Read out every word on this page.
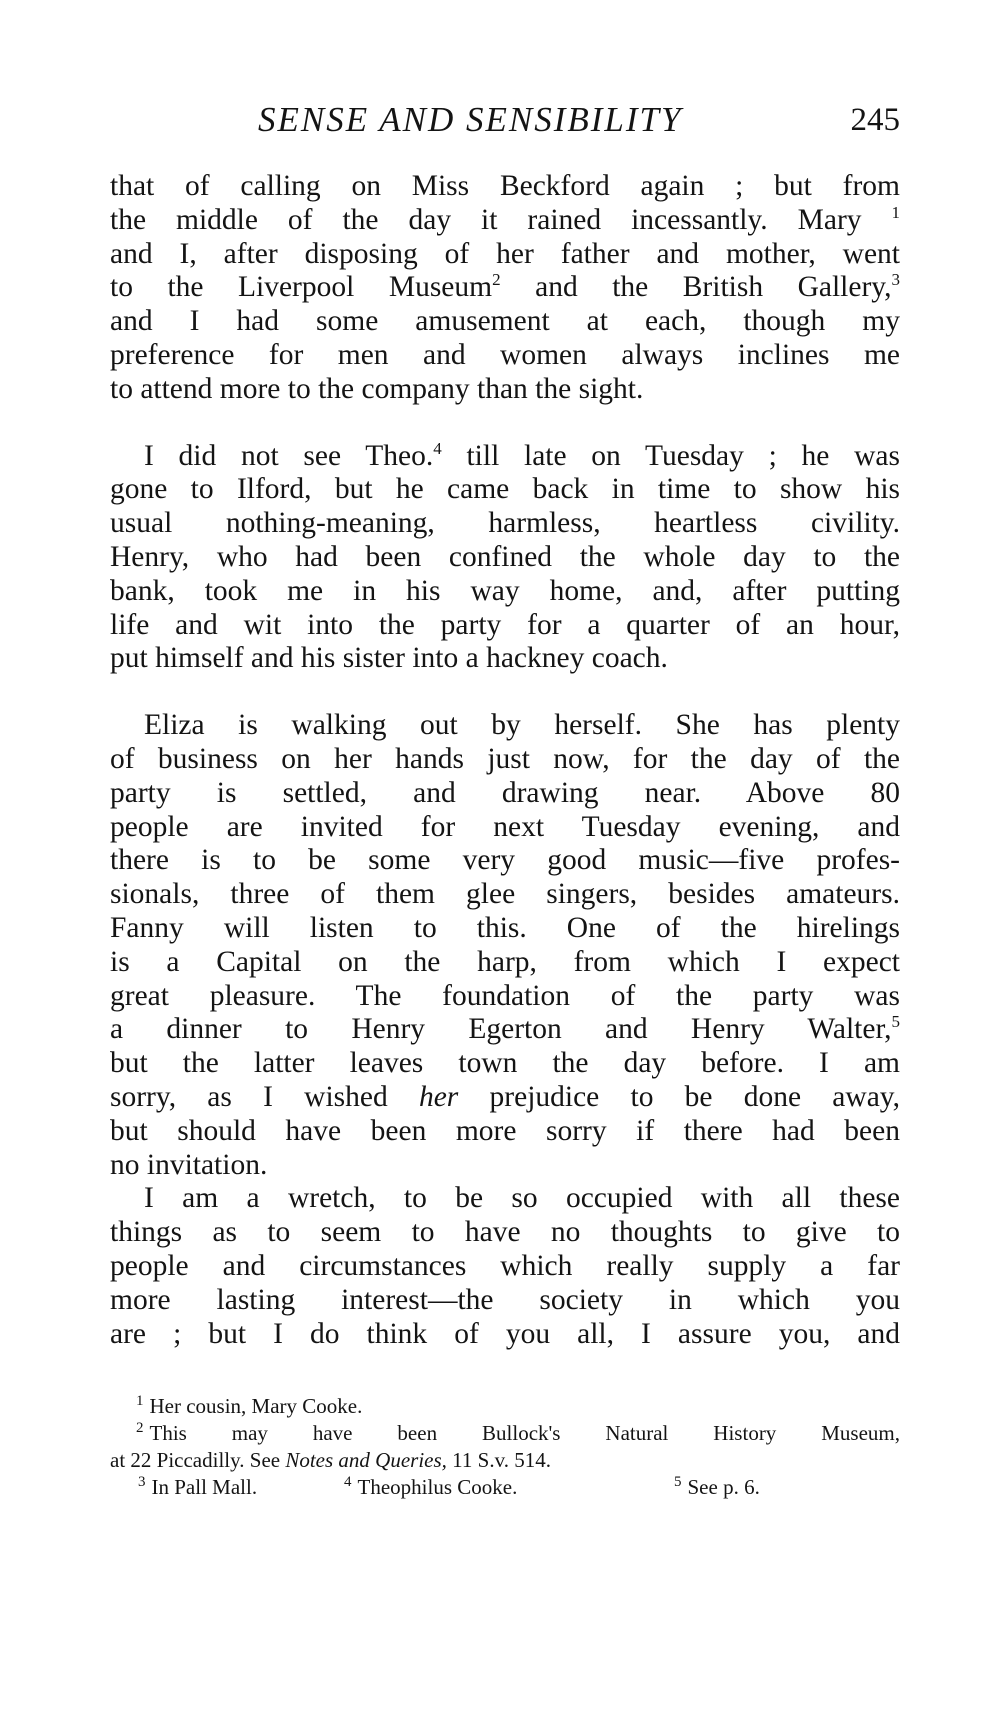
SENSE AND SENSIBILITY	245
that of calling on Miss Beckford again ; but from
the middle of the day it rained incessantly. Mary $^1$
and I, after disposing of her father and mother, went
to the Liverpool Museum$^2$ and the British Gallery,$^3$
and I had some amusement at each, though my
preference for men and women always inclines me
to attend more to the company than the sight.
I did not see Theo.$^4$ till late on Tuesday ; he was
gone to Ilford, but he came back in time to show his
usual nothing-meaning, harmless, heartless civility.
Henry, who had been confined the whole day to the
bank, took me in his way home, and, after putting
life and wit into the party for a quarter of an hour,
put himself and his sister into a hackney coach.
Eliza is walking out by herself. She has plenty
of business on her hands just now, for the day of the
party is settled, and drawing near. Above 80
people are invited for next Tuesday evening, and
there is to be some very good music—five profes-
sionals, three of them glee singers, besides amateurs.
Fanny will listen to this. One of the hirelings
is a Capital on the harp, from which I expect
great pleasure. The foundation of the party was
a dinner to Henry Egerton and Henry Walter,$^5$
but the latter leaves town the day before. I am
sorry, as I wished her prejudice to be done away,
but should have been more sorry if there had been
no invitation.
I am a wretch, to be so occupied with all these
things as to seem to have no thoughts to give to
people and circumstances which really supply a far
more lasting interest—the society in which you
are ; but I do think of you all, I assure you, and
$^1$ Her cousin, Mary Cooke.
$^2$ This may have been Bullock's Natural History Museum,
at 22 Piccadilly. See Notes and Queries, 11 S.v. 514.
$^3$ In Pall Mall.	$^4$ Theophilus Cooke.	$^5$ See p. 6.
